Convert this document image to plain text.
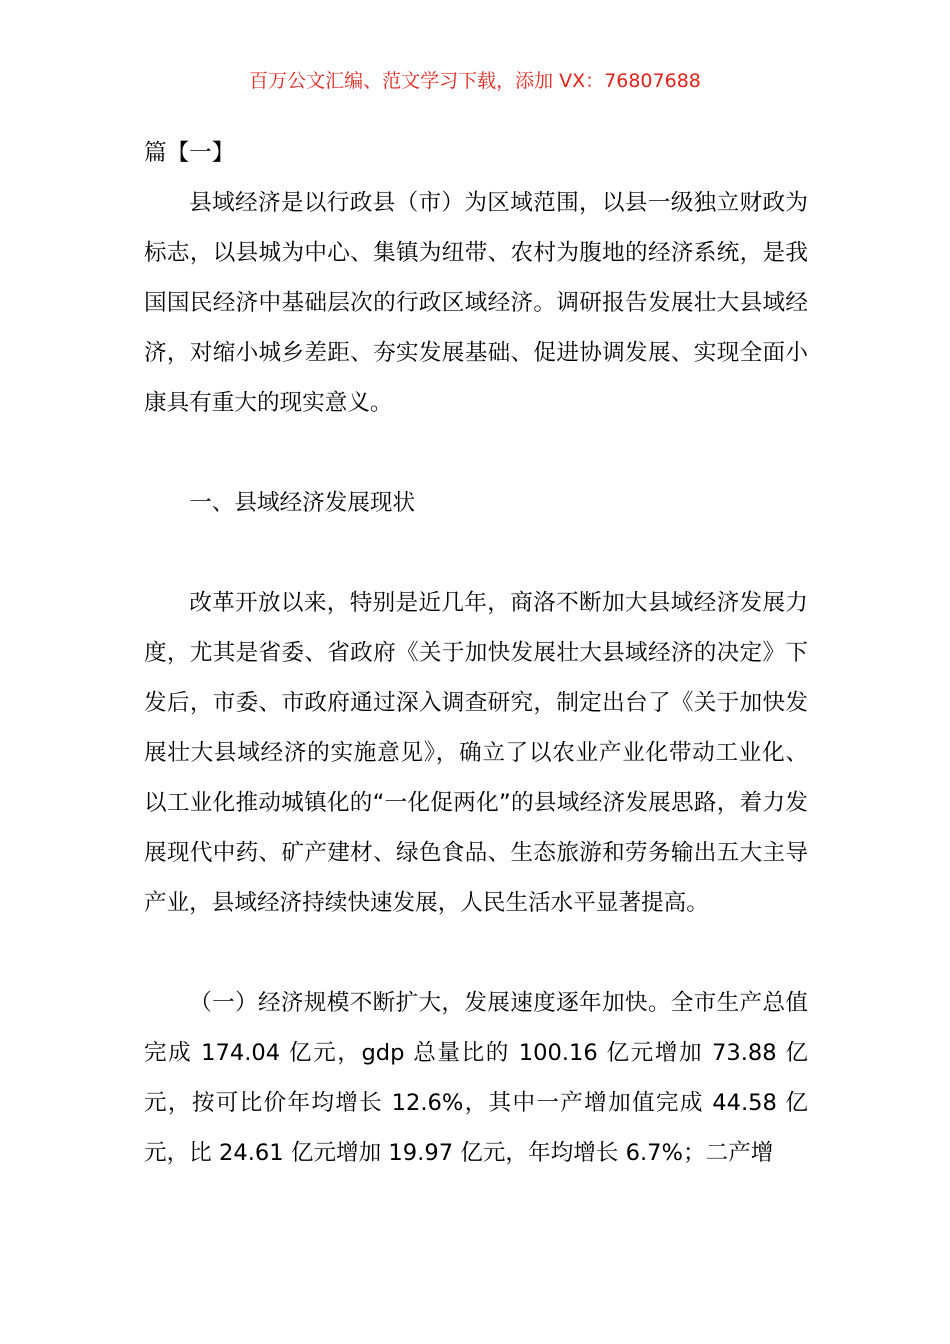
百万公文汇编、范文学习下载，添加 VX：76807688

篇【一】

县域经济是以行政县（市）为区域范围，以县一级独立财政为标志，以县城为中心、集镇为纽带、农村为腹地的经济系统，是我国国民经济中基础层次的行政区域经济。调研报告发展壮大县域经济，对缩小城乡差距、夯实发展基础、促进协调发展、实现全面小康具有重大的现实意义。

一、县域经济发展现状

改革开放以来，特别是近几年，商洛不断加大县域经济发展力度，尤其是省委、省政府《关于加快发展壮大县域经济的决定》下发后，市委、市政府通过深入调查研究，制定出台了《关于加快发展壮大县域经济的实施意见》，确立了以农业产业化带动工业化、以工业化推动城镇化的“一化促两化”的县域经济发展思路，着力发展现代中药、矿产建材、绿色食品、生态旅游和劳务输出五大主导产业，县域经济持续快速发展，人民生活水平显著提高。

（一）经济规模不断扩大，发展速度逐年加快。全市生产总值完成 174.04 亿元，gdp 总量比的 100.16 亿元增加 73.88 亿元，按可比价年均增长 12.6%，其中一产增加值完成 44.58 亿元，比 24.61 亿元增加 19.97 亿元，年均增长 6.7%；二产增
